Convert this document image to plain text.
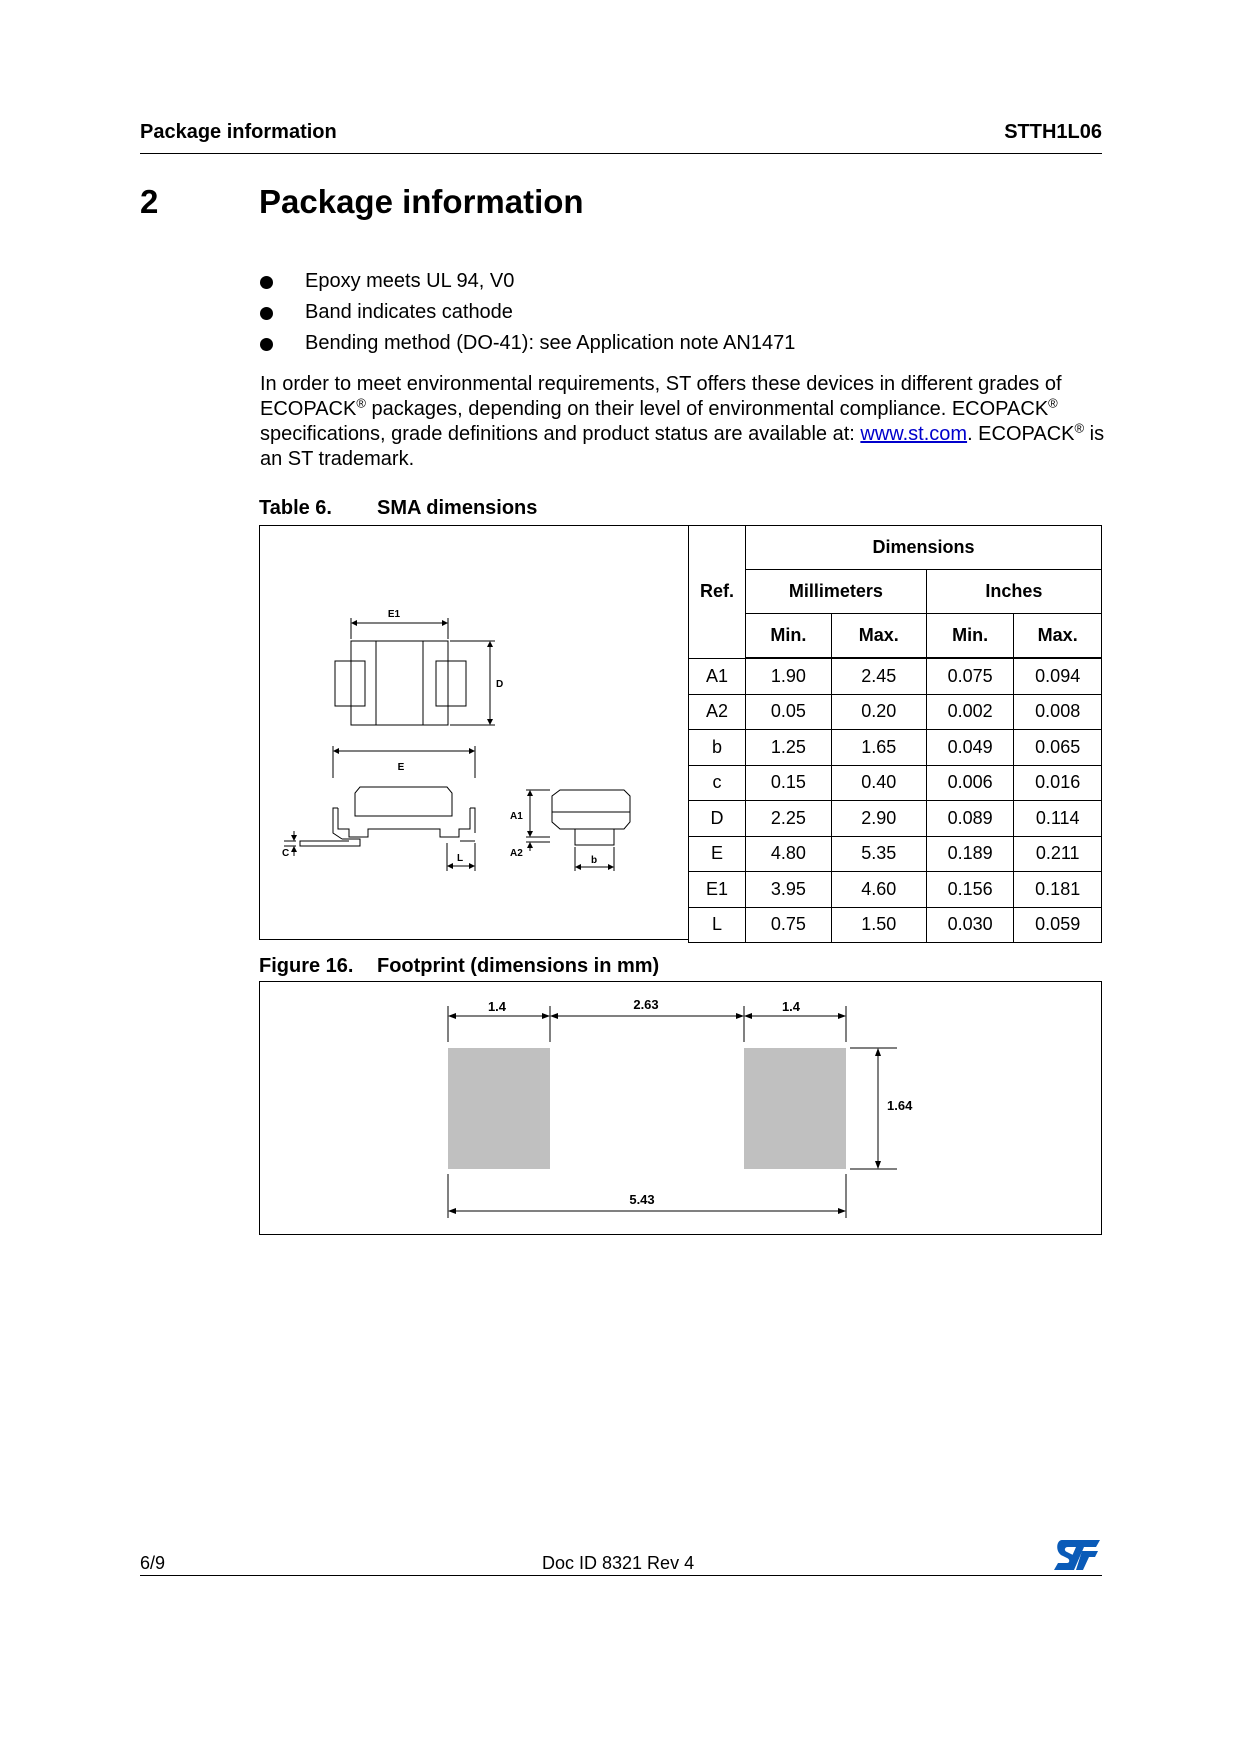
Package information	STTH1L06
2	Package information
Epoxy meets UL 94, V0
Band indicates cathode
Bending method (DO-41): see Application note AN1471
In order to meet environmental requirements, ST offers these devices in different grades of ECOPACK® packages, depending on their level of environmental compliance. ECOPACK® specifications, grade definitions and product status are available at: www.st.com. ECOPACK® is an ST trademark.
Table 6. SMA dimensions
E1
D
E
C	L
A1
A2
b
Ref.	Dimensions			
	Millimeters		Inches	
	Min.	Max.	Min.	Max.
A1	1.90	2.45	0.075	0.094
A2	0.05	0.20	0.002	0.008
b	1.25	1.65	0.049	0.065
c	0.15	0.40	0.006	0.016
D	2.25	2.90	0.089	0.114
E	4.80	5.35	0.189	0.211
E1	3.95	4.60	0.156	0.181
L	0.75	1.50	0.030	0.059
Figure 16. Footprint (dimensions in mm)
1.4	2.63	1.4
1.64
5.43
6/9	Doc ID 8321 Rev 4
ST
